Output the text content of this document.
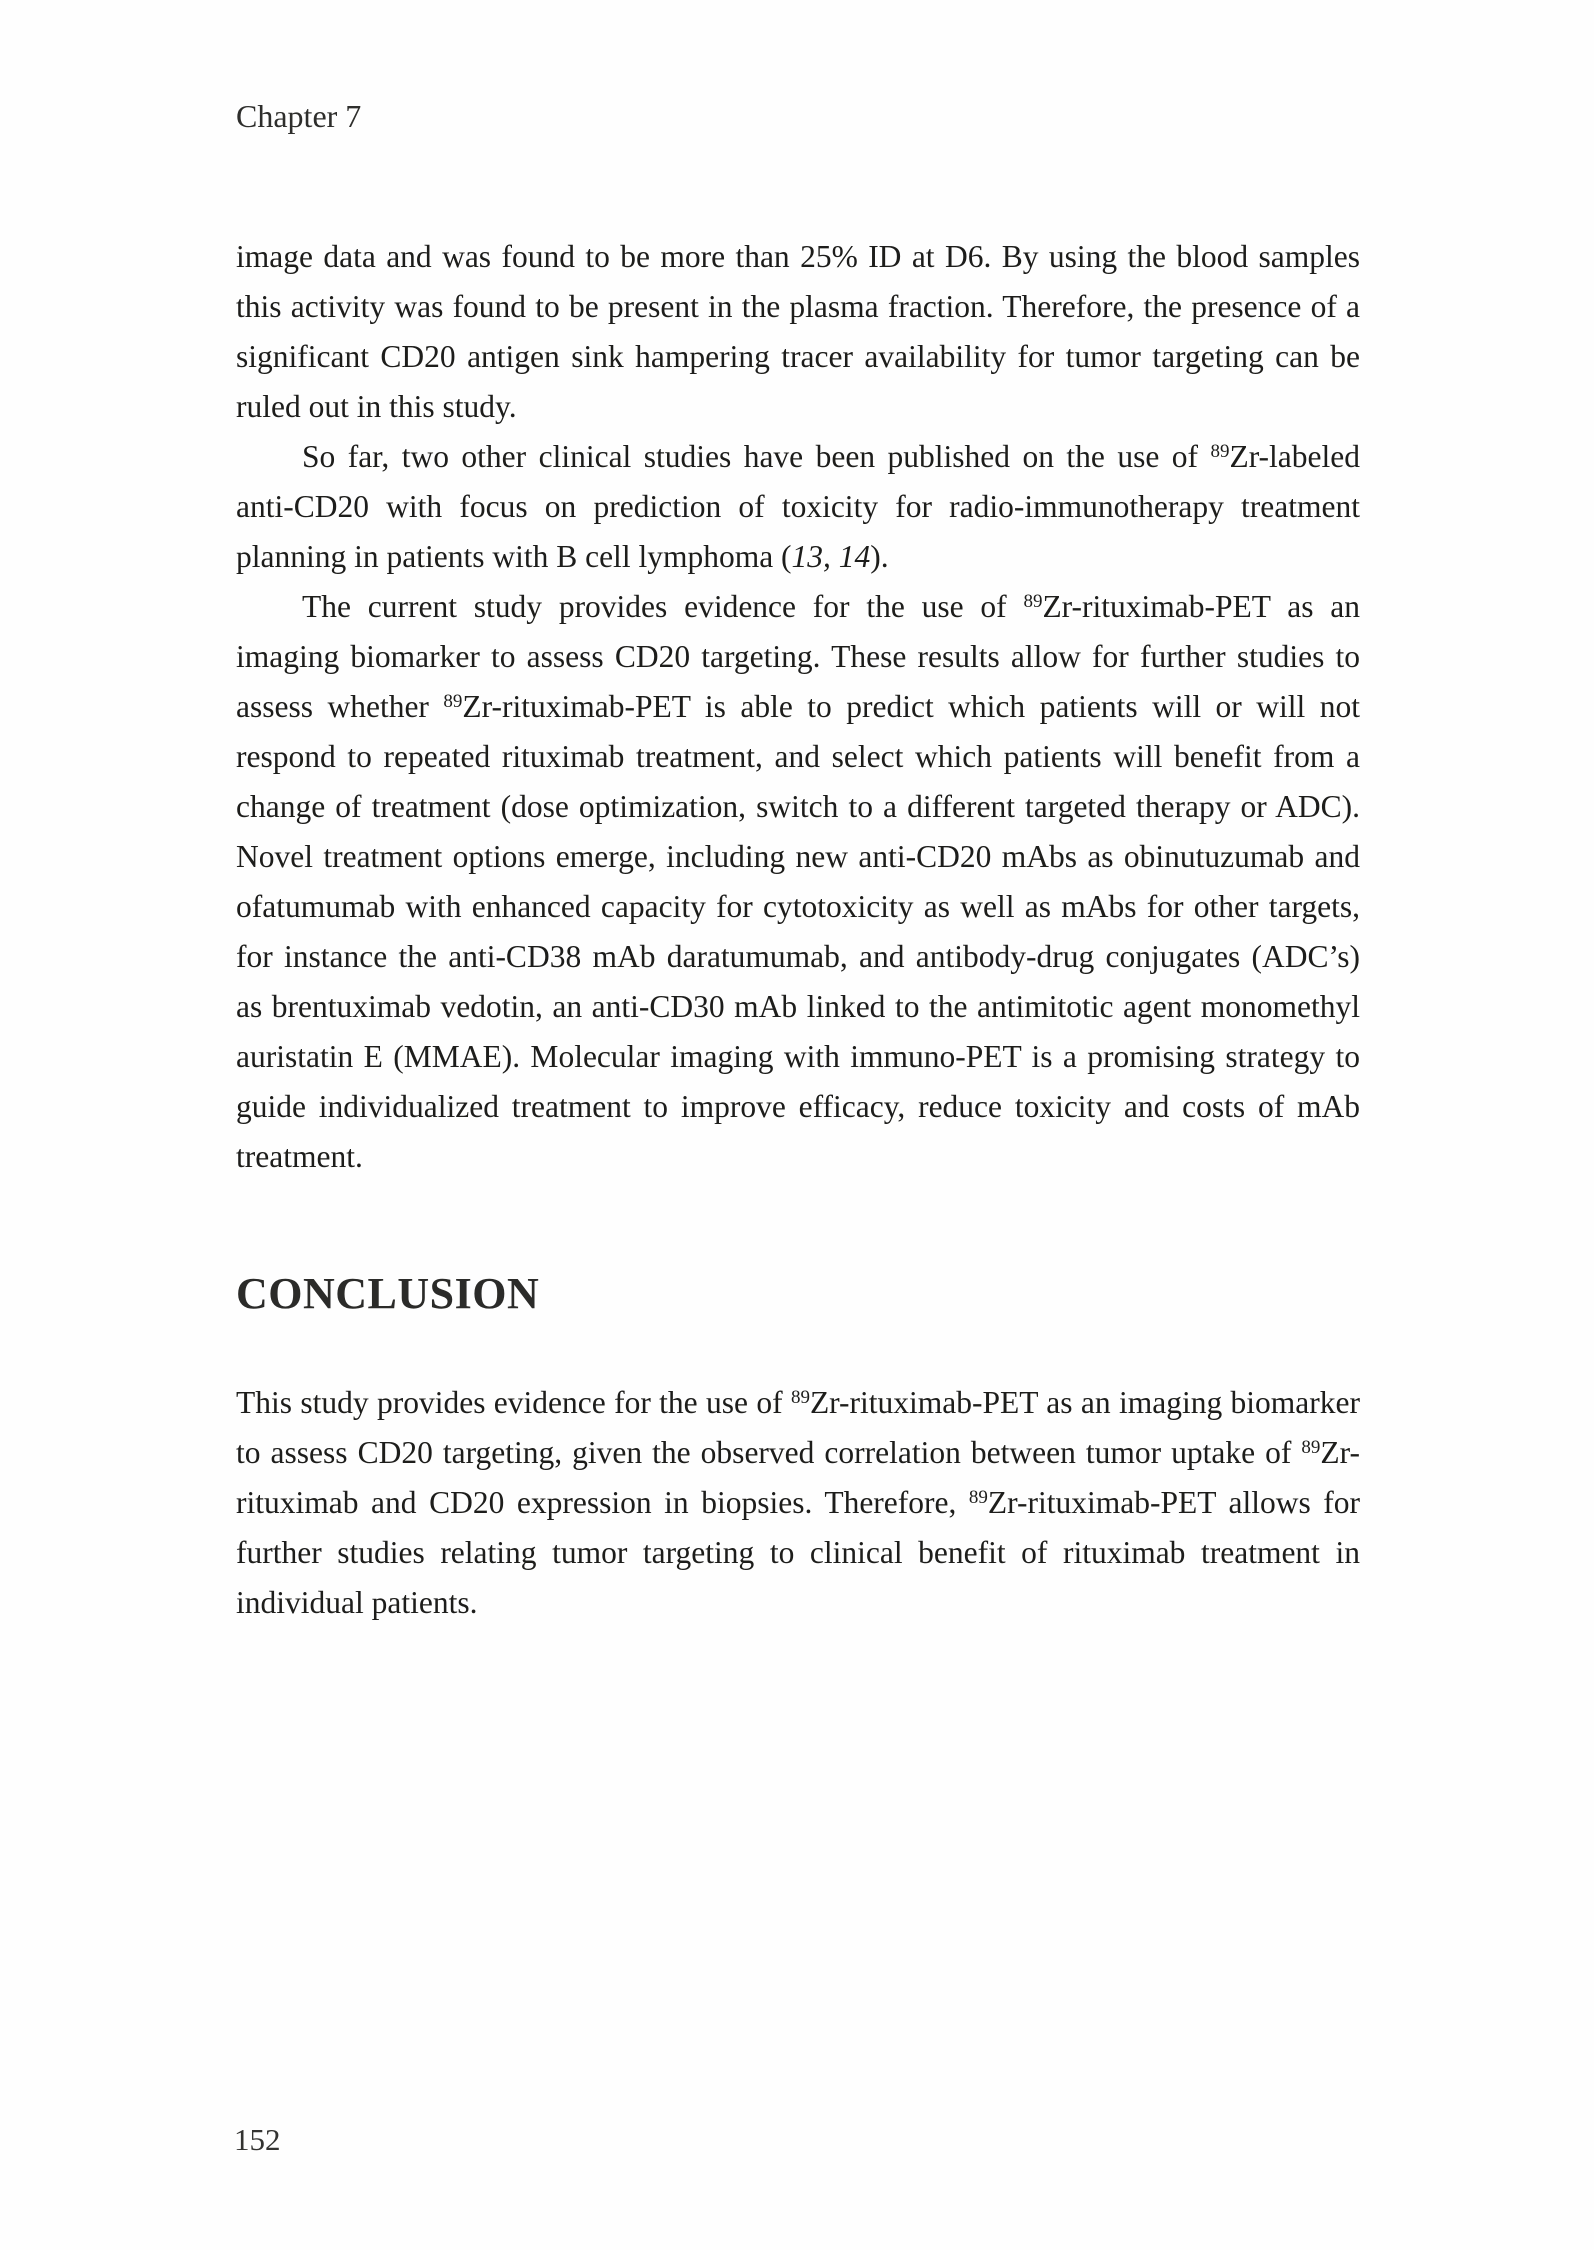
Chapter 7

image data and was found to be more than 25% ID at D6. By using the blood samples this activity was found to be present in the plasma fraction. Therefore, the presence of a significant CD20 antigen sink hampering tracer availability for tumor targeting can be ruled out in this study.

So far, two other clinical studies have been published on the use of $^{89}$Zr-labeled anti-CD20 with focus on prediction of toxicity for radio-immunotherapy treatment planning in patients with B cell lymphoma (13, 14).

The current study provides evidence for the use of $^{89}$Zr-rituximab-PET as an imaging biomarker to assess CD20 targeting. These results allow for further studies to assess whether $^{89}$Zr-rituximab-PET is able to predict which patients will or will not respond to repeated rituximab treatment, and select which patients will benefit from a change of treatment (dose optimization, switch to a different targeted therapy or ADC). Novel treatment options emerge, including new anti-CD20 mAbs as obinutuzumab and ofatumumab with enhanced capacity for cytotoxicity as well as mAbs for other targets, for instance the anti-CD38 mAb daratumumab, and antibody-drug conjugates (ADC’s) as brentuximab vedotin, an anti-CD30 mAb linked to the antimitotic agent monomethyl auristatin E (MMAE). Molecular imaging with immuno-PET is a promising strategy to guide individualized treatment to improve efficacy, reduce toxicity and costs of mAb treatment.

CONCLUSION

This study provides evidence for the use of $^{89}$Zr-rituximab-PET as an imaging biomarker to assess CD20 targeting, given the observed correlation between tumor uptake of $^{89}$Zr-rituximab and CD20 expression in biopsies. Therefore, $^{89}$Zr-rituximab-PET allows for further studies relating tumor targeting to clinical benefit of rituximab treatment in individual patients.

152
